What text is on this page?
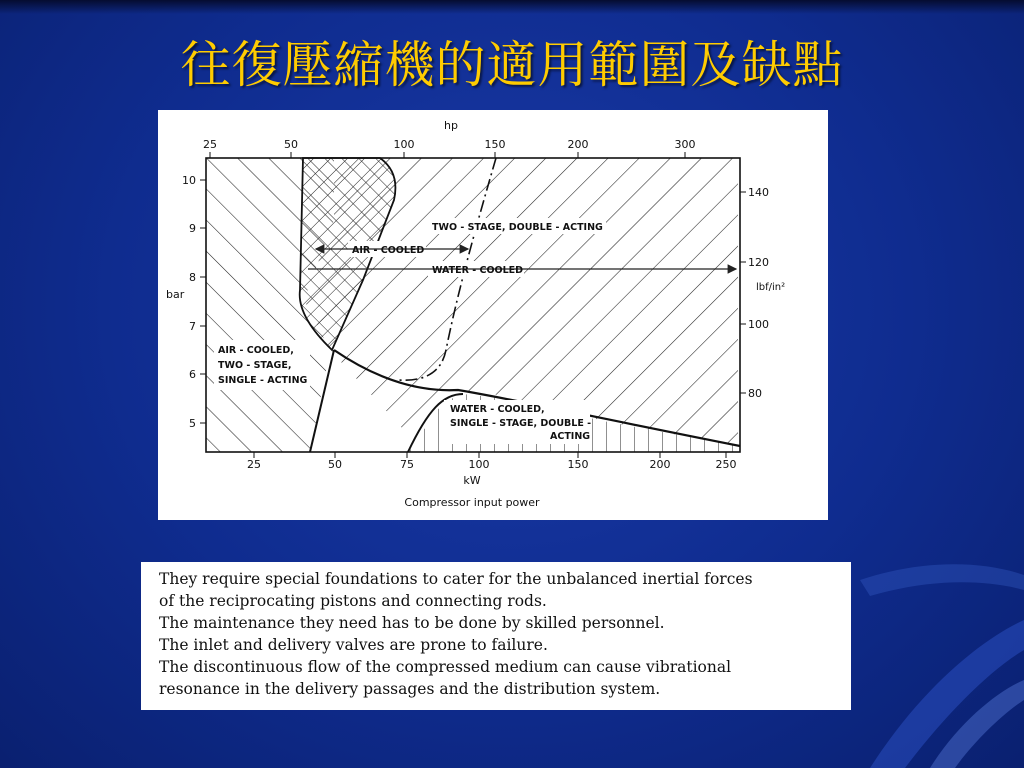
往復壓縮機的適用範圍及缺點
TWO - STAGE, DOUBLE - ACTING
AIR - COOLED
WATER - COOLED
AIR - COOLED,
TWO - STAGE,
SINGLE - ACTING
WATER - COOLED,
SINGLE - STAGE, DOUBLE -
ACTING
hp
25	50	100	150	200	300
bar
10
9
8
7
6
5
lbf/in²
140
120
100
80
25	50	75	100	150	200	250
kW
Compressor input power
They require special foundations to cater for the unbalanced inertial forces
of the reciprocating pistons and connecting rods.
The maintenance they need has to be done by skilled personnel.
The inlet and delivery valves are prone to failure.
The discontinuous flow of the compressed medium can cause vibrational
resonance in the delivery passages and the distribution system.
